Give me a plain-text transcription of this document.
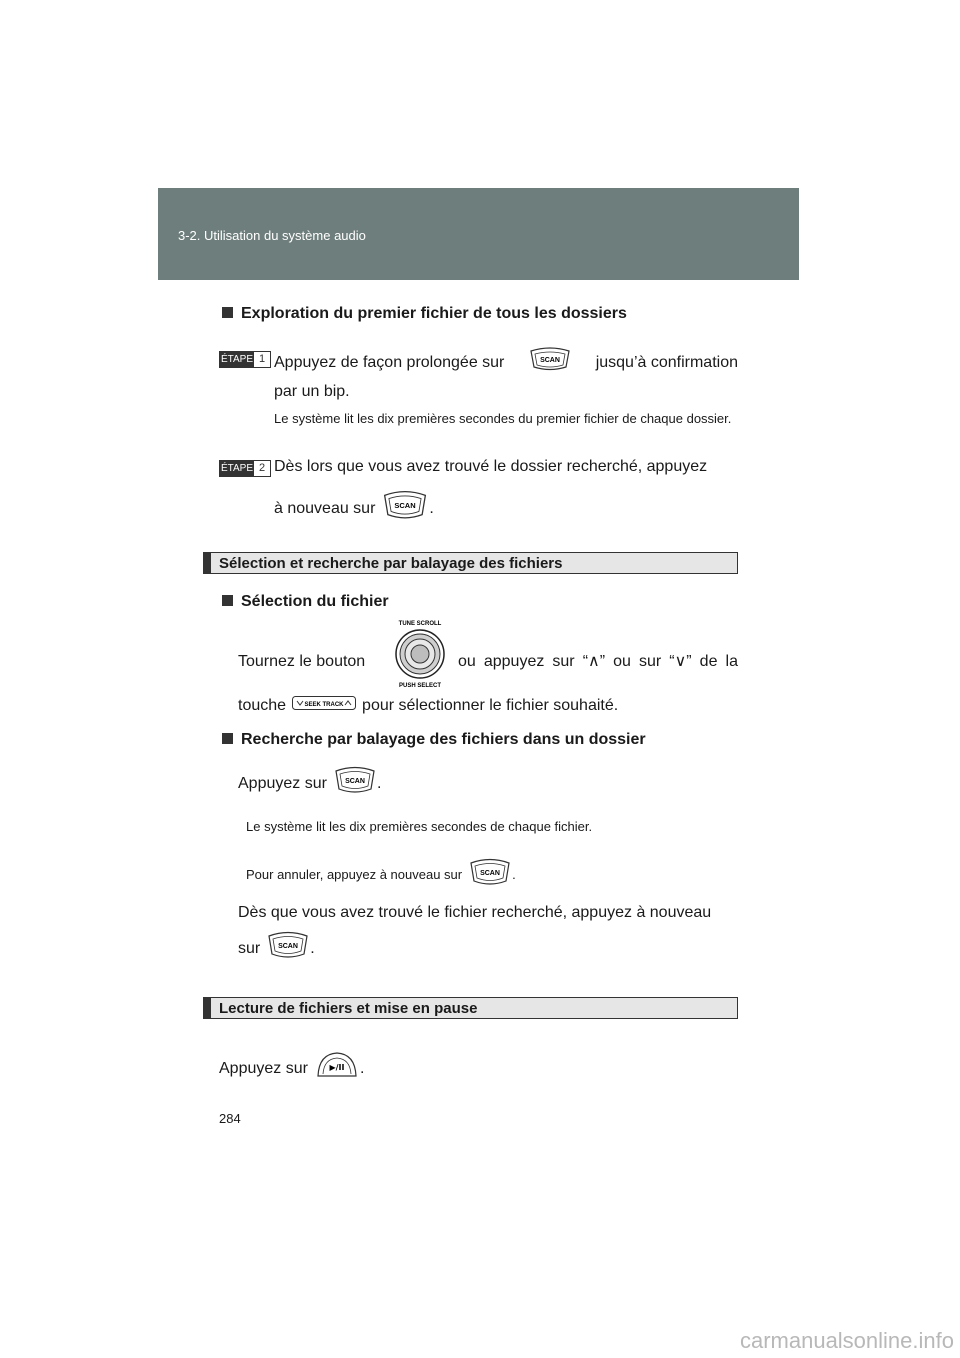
3-2. Utilisation du système audio
Exploration du premier fichier de tous les dossiers
ÉTAPE 1 Appuyez de façon prolongée sur	SCAN jusqu’à confirmation
par un bip.
Le système lit les dix premières secondes du premier fichier de chaque dossier.
ÉTAPE 2 Dès lors que vous avez trouvé le dossier recherché, appuyez
à nouveau sur	SCAN .
Sélection et recherche par balayage des fichiers
Sélection du fichier
Tournez le bouton
TUNE SCROLL
PUSH SELECT
ou appuyez sur “∧” ou sur “∨” de la
touche	SEEK TRACK pour sélectionner le fichier souhaité.
Recherche par balayage des fichiers dans un dossier
Appuyez sur	SCAN .
Le système lit les dix premières secondes de chaque fichier.
Pour annuler, appuyez à nouveau sur	SCAN .
Dès que vous avez trouvé le fichier recherché, appuyez à nouveau
sur	SCAN .
Lecture de fichiers et mise en pause
Appuyez sur	▶/II .
284
carmanualsonline.info
